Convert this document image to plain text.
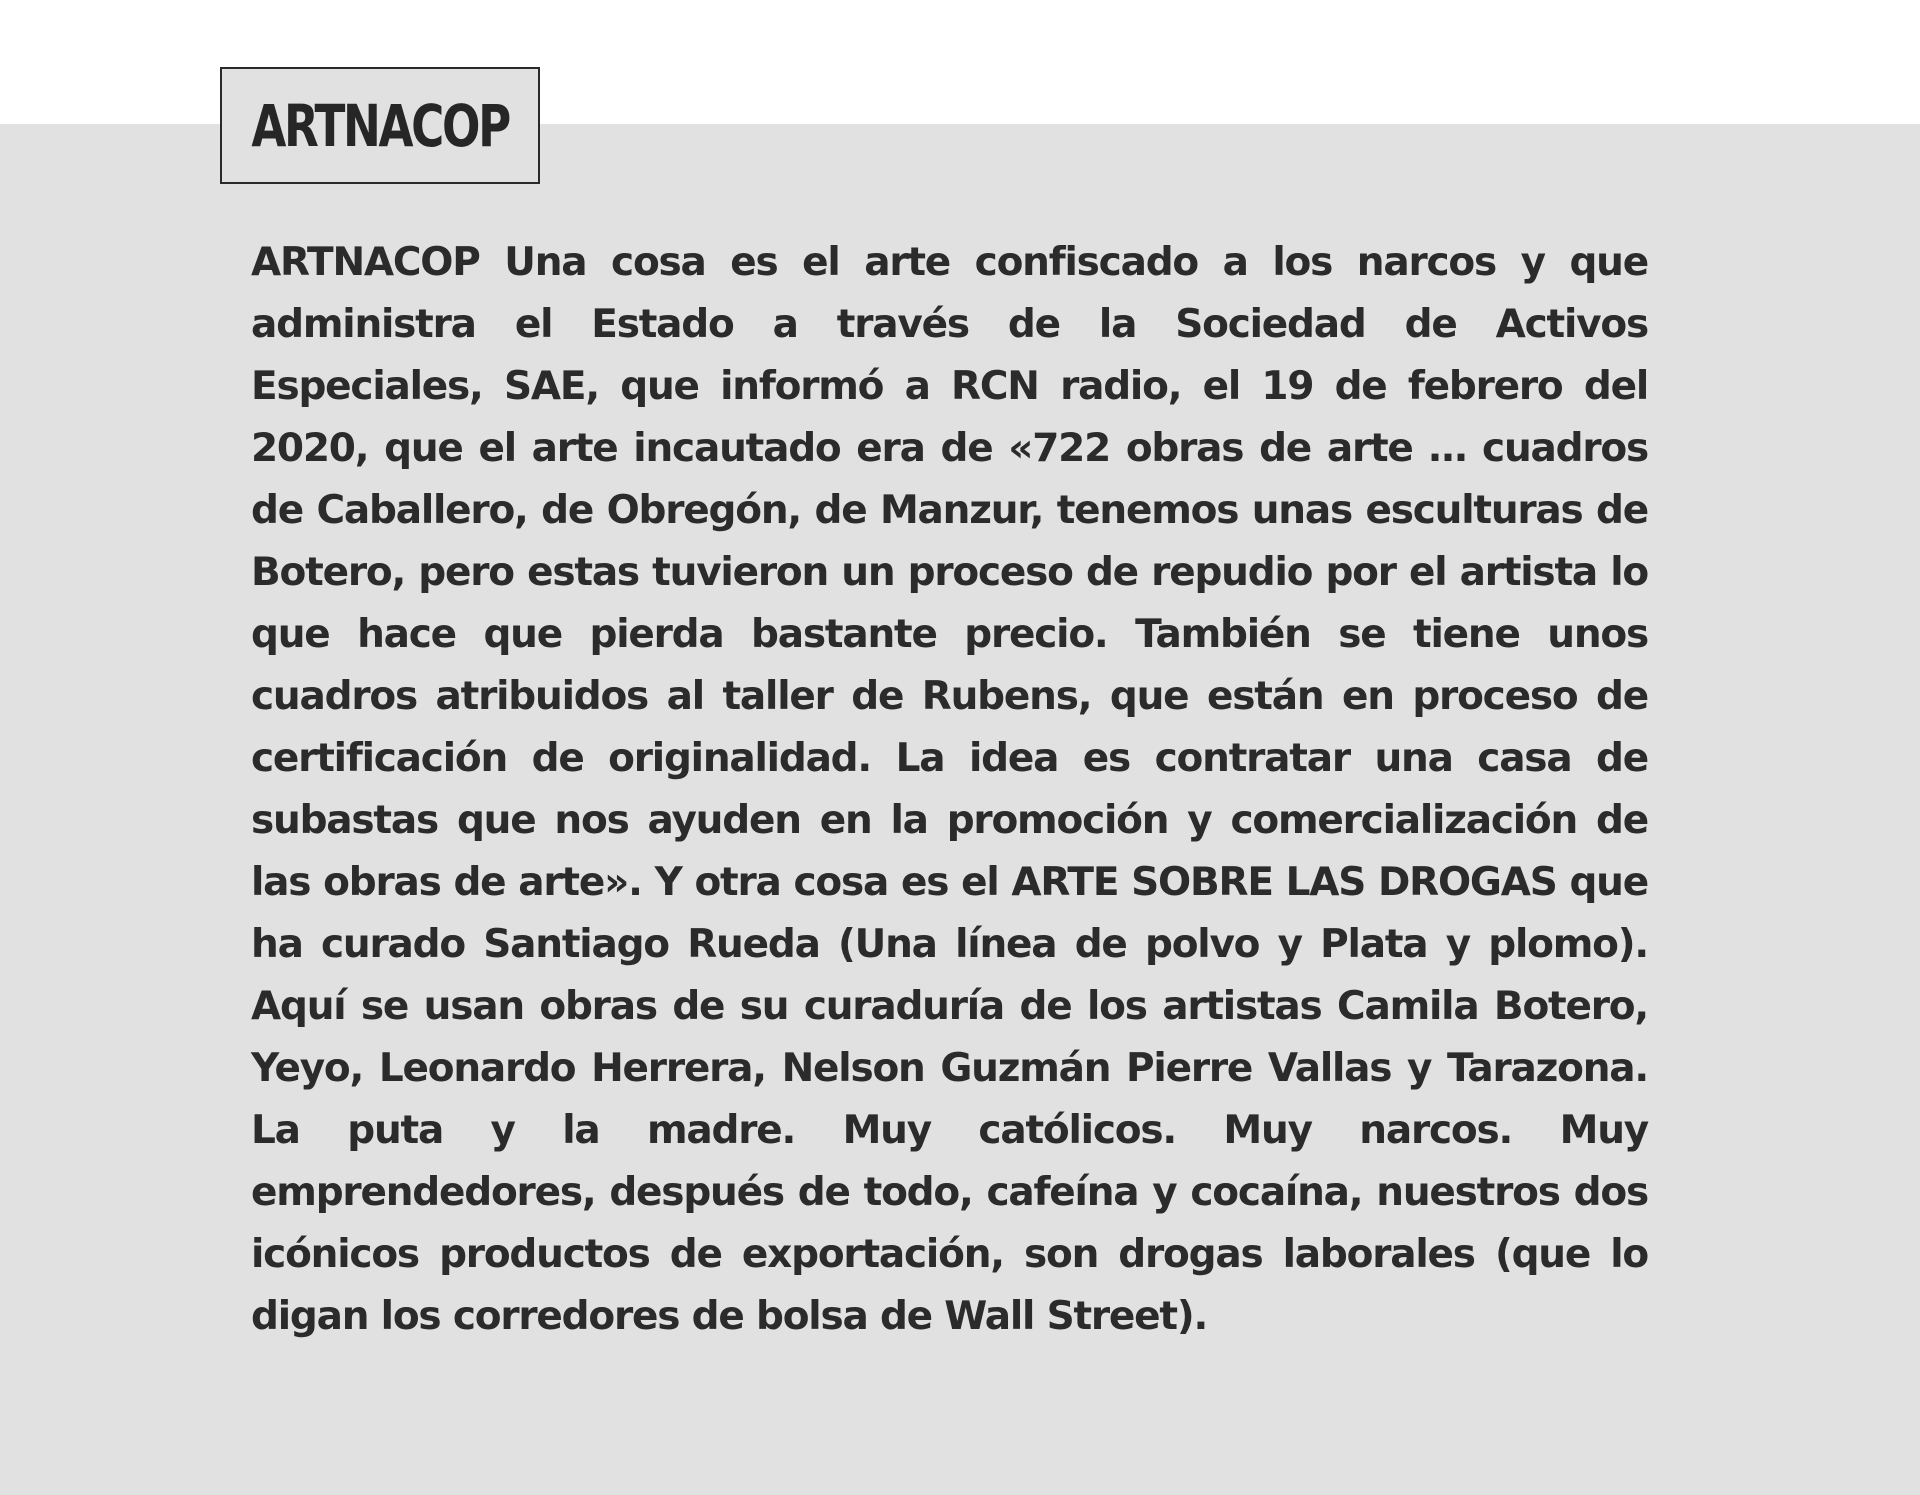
ARTNACOP

ARTNACOP Una cosa es el arte confiscado a los narcos y que administra el Estado a través de la Sociedad de Activos Especiales, SAE, que informó a RCN radio, el 19 de febrero del 2020, que el arte incautado era de «722 obras de arte … cuadros de Caballero, de Obregón, de Manzur, tenemos unas esculturas de Botero, pero estas tuvieron un proceso de repudio por el artista lo que hace que pierda bastante precio. También se tiene unos cuadros atribuidos al taller de Rubens, que están en proceso de certificación de originalidad. La idea es contratar una casa de subastas que nos ayuden en la promoción y comercialización de las obras de arte». Y otra cosa es el ARTE SOBRE LAS DROGAS que ha curado Santiago Rueda (Una línea de polvo y Plata y plomo). Aquí se usan obras de su curaduría de los artistas Camila Botero, Yeyo, Leonardo Herrera, Nelson Guzmán Pierre Vallas y Tarazona. La puta y la madre. Muy católicos. Muy narcos. Muy emprendedores, después de todo, cafeína y cocaína, nuestros dos icónicos productos de exportación, son drogas laborales (que lo digan los corredores de bolsa de Wall Street).
